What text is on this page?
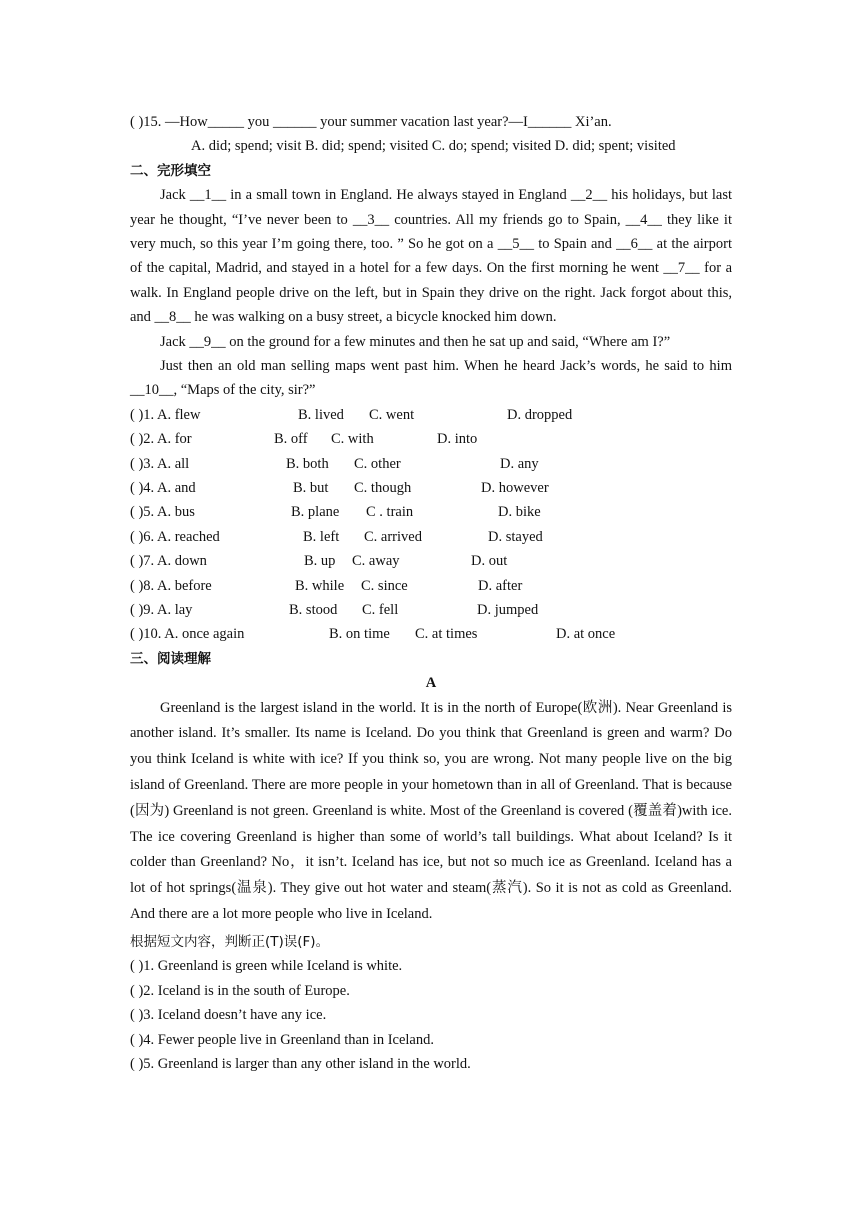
( )15. —How_____ you ______ your summer vacation last year?—I______ Xi’an.
A. did; spend; visit B. did; spend; visited C. do; spend; visited D. did; spent; visited
二、完形填空
Jack __1__ in a small town in England. He always stayed in England __2__ his holidays, but last year he thought, “I’ve never been to __3__ countries. All my friends go to Spain, __4__ they like it very much, so this year I’m going there, too. ” So he got on a __5__ to Spain and __6__ at the airport of the capital, Madrid, and stayed in a hotel for a few days. On the first morning he went __7__ for a walk. In England people drive on the left, but in Spain they drive on the right. Jack forgot about this, and __8__ he was walking on a busy street, a bicycle knocked him down.
Jack __9__ on the ground for a few minutes and then he sat up and said, “Where am I?”
Just then an old man selling maps went past him. When he heard Jack’s words, he said to him __10__, “Maps of the city, sir?”
( )1. A. flew	B. lived C. went	D. dropped
( )2. A. for	B. off C. with	D. into
( )3. A. all	B. both C. other	D. any
( )4. A. and	B. but C. though	D. however
( )5. A. bus	B. plane C . train	D. bike
( )6. A. reached	B. left C. arrived	D. stayed
( )7. A. down	B. up C. away	D. out
( )8. A. before	B. while C. since	D. after
( )9. A. lay	B. stood C. fell	D. jumped
( )10. A. once again	B. on time C. at times	D. at once
三、阅读理解
A
Greenland is the largest island in the world. It is in the north of Europe(欧洲). Near Greenland is another island. It’s smaller. Its name is Iceland. Do you think that Greenland is green and warm? Do you think Iceland is white with ice? If you think so, you are wrong. Not many people live on the big island of Greenland. There are more people in your hometown than in all of Greenland. That is because (因为) Greenland is not green. Greenland is white. Most of the Greenland is covered (覆盖着)with ice. The ice covering Greenland is higher than some of world’s tall buildings. What about Iceland? Is it colder than Greenland? No，it isn’t. Iceland has ice, but not so much ice as Greenland. Iceland has a lot of hot springs(温泉). They give out hot water and steam(蒸汽). So it is not as cold as Greenland. And there are a lot more people who live in Iceland.
根据短文内容，判断正(T)误(F)。
( )1. Greenland is green while Iceland is white.
( )2. Iceland is in the south of Europe.
( )3. Iceland doesn’t have any ice.
( )4. Fewer people live in Greenland than in Iceland.
( )5. Greenland is larger than any other island in the world.
